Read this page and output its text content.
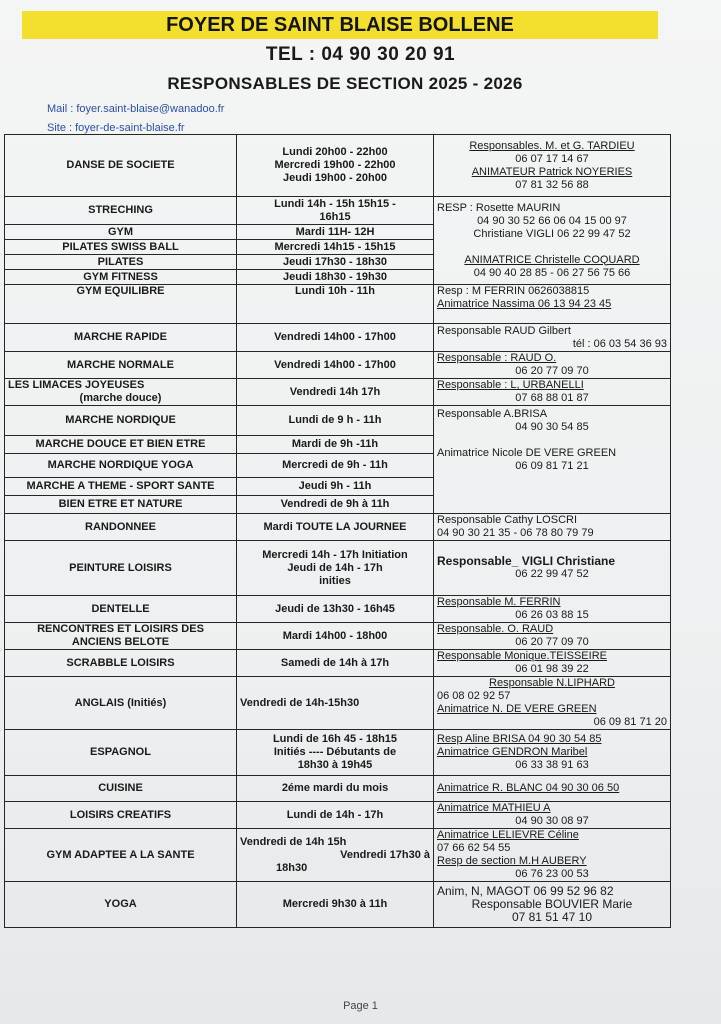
FOYER DE SAINT BLAISE BOLLENE
TEL : 04 90 30 20 91
RESPONSABLES DE SECTION 2025 - 2026
Mail : foyer.saint-blaise@wanadoo.fr
Site : foyer-de-saint-blaise.fr
DANSE DE SOCIETE	Lundi 20h00 - 22h00
Mercredi 19h00 - 22h00
Jeudi 19h00 - 20h00	Responsables. M. et G. TARDIEU
06 07 17 14 67
ANIMATEUR Patrick NOYERIES
07 81 32 56 88

STRECHING	Lundi 14h - 15h 15h15 -
16h15	RESP : Rosette MAURIN
04 90 30 52 66 06 04 15 00 97
Christiane VIGLI 06 22 99 47 52

ANIMATRICE Christelle COQUARD
04 90 40 28 85 - 06 27 56 75 66

GYM	Mardi 11H- 12H	
PILATES SWISS BALL	Mercredi 14h15 - 15h15	
PILATES	Jeudi 17h30 - 18h30	
GYM FITNESS	Jeudi 18h30 - 19h30	
GYM EQUILIBRE	Lundi 10h - 11h	Resp : M FERRIN 0626038815
Animatrice Nassima 06 13 94 23 45

MARCHE RAPIDE	Vendredi 14h00 - 17h00	Responsable RAUD Gilbert
tél : 06 03 54 36 93

MARCHE NORMALE	Vendredi 14h00 - 17h00	Responsable : RAUD O.
06 20 77 09 70

LES LIMACES JOYEUSES
(marche douce)	Vendredi 14h 17h	Responsable : L, URBANELLI
07 68 88 01 87

MARCHE NORDIQUE	Lundi de 9 h - 11h	Responsable A.BRISA
04 90 30 54 85

Animatrice Nicole DE VERE GREEN
06 09 81 71 21

MARCHE DOUCE ET BIEN ETRE	Mardi de 9h -11h	
MARCHE NORDIQUE YOGA	Mercredi de 9h - 11h	
MARCHE A THEME - SPORT SANTE	Jeudi 9h - 11h	
BIEN ETRE ET NATURE	Vendredi de 9h à 11h	
RANDONNEE	Mardi TOUTE LA JOURNEE	Responsable Cathy LOSCRI
04 90 30 21 35 - 06 78 80 79 79

PEINTURE LOISIRS	Mercredi 14h - 17h Initiation
Jeudi de 14h - 17h
inities	Responsable_ VIGLI Christiane
06 22 99 47 52

DENTELLE	Jeudi de 13h30 - 16h45	Responsable M. FERRIN
06 26 03 88 15

RENCONTRES ET LOISIRS DES
ANCIENS BELOTE	Mardi 14h00 - 18h00	Responsable. O. RAUD
06 20 77 09 70

SCRABBLE LOISIRS	Samedi de 14h à 17h	Responsable Monique.TEISSEIRE
06 01 98 39 22

ANGLAIS (Initiés)	Vendredi de 14h-15h30	Responsable N.LIPHARD
06 08 02 92 57
Animatrice N. DE VERE GREEN
06 09 81 71 20

ESPAGNOL	Lundi de 16h 45 - 18h15
Initiés ---- Débutants de
18h30 à 19h45	Resp Aline BRISA 04 90 30 54 85
Animatrice GENDRON Maribel
06 33 38 91 63

CUISINE	2éme mardi du mois	Animatrice R. BLANC 04 90 30 06 50

LOISIRS CREATIFS	Lundi de 14h - 17h	Animatrice MATHIEU A
04 90 30 08 97

GYM ADAPTEE A LA SANTE	Vendredi de 14h 15h
Vendredi 17h30 à
18h30	Animatrice LELIEVRE Céline
07 66 62 54 55
Resp de section M.H AUBERY
06 76 23 00 53

YOGA	Mercredi 9h30 à 11h	Anim, N, MAGOT 06 99 52 96 82
Responsable BOUVIER Marie
07 81 51 47 10
Page 1
